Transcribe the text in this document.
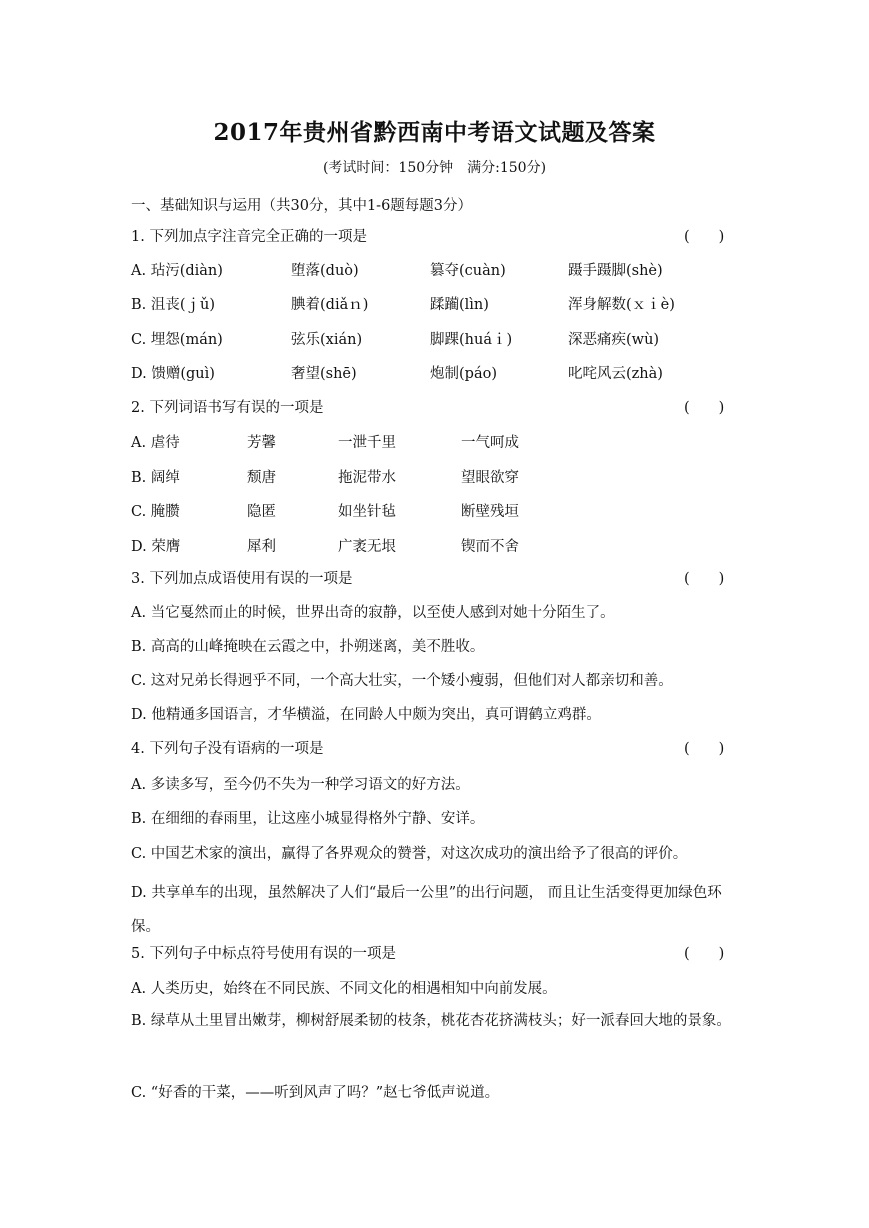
2017年贵州省黔西南中考语文试题及答案
(考试时间：150分钟　满分:150分)
一、基础知识与运用（共30分，其中1-6题每题3分）
1. 下列加点字注音完全正确的一项是	(　　)
A. 玷污(diàn)	堕落(duò)	篡夺(cuàn)	蹑手蹑脚(shè)
B. 沮丧(ｊǔ)	腆着(diǎｎ)	蹂躏(lìn)	浑身解数(ｘｉè)
C. 埋怨(mán)	弦乐(xián)	脚踝(huáｉ)	深恶痛疾(wù)
D. 馈赠(guì)	奢望(shē)	炮制(páo)	叱咤风云(zhà)
2. 下列词语书写有误的一项是	(　　)
A. 虐待	芳馨	一泄千里	一气呵成
B. 阔绰	颓唐	拖泥带水	望眼欲穿
C. 腌臜	隐匿	如坐针毡	断壁残垣
D. 荣膺	犀利	广袤无垠	锲而不舍
3. 下列加点成语使用有误的一项是	(　　)
A. 当它戛然而止的时候，世界出奇的寂静，以至使人感到对她十分陌生了。
B. 高高的山峰掩映在云霞之中，扑朔迷离，美不胜收。
C. 这对兄弟长得迥乎不同，一个高大壮实，一个矮小瘦弱，但他们对人都亲切和善。
D. 他精通多国语言，才华横溢，在同龄人中颇为突出，真可谓鹤立鸡群。
4. 下列句子没有语病的一项是	(　　)
A. 多读多写，至今仍不失为一种学习语文的好方法。
B. 在细细的春雨里，让这座小城显得格外宁静、安详。
C. 中国艺术家的演出，赢得了各界观众的赞誉，对这次成功的演出给予了很高的评价。
D. 共享单车的出现，虽然解决了人们“最后一公里”的出行问题， 而且让生活变得更加绿色环保。
5. 下列句子中标点符号使用有误的一项是	(　　)
A. 人类历史，始终在不同民族、不同文化的相遇相知中向前发展。
B. 绿草从土里冒出嫩芽，柳树舒展柔韧的枝条，桃花杏花挤满枝头；好一派春回大地的景象。
C. “好香的干菜，——听到风声了吗？”赵七爷低声说道。
